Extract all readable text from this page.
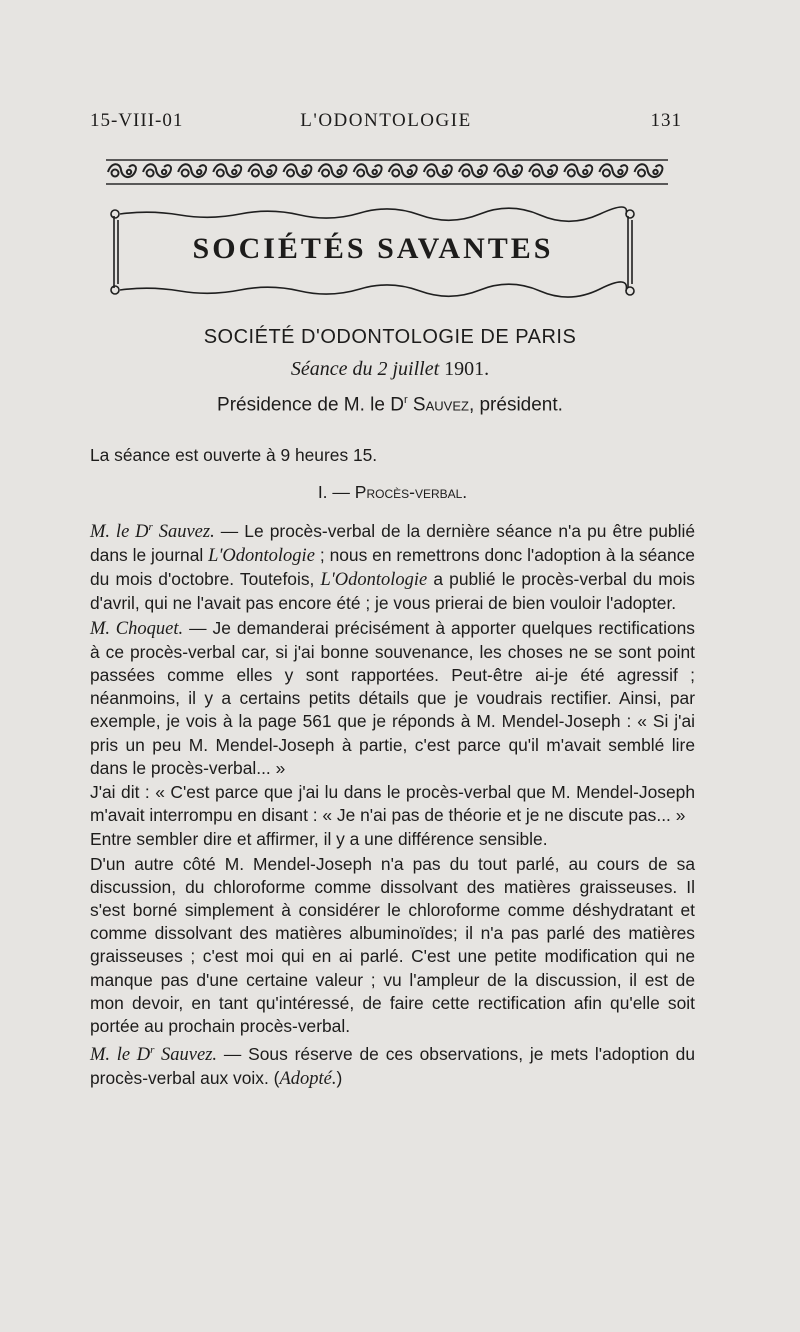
15-VIII-01	L'ODONTOLOGIE	131
SOCIÉTÉS SAVANTES
SOCIÉTÉ D'ODONTOLOGIE DE PARIS
Séance du 2 juillet 1901.
Présidence de M. le $D^r$ Sauvez, président.
La séance est ouverte à 9 heures 15.
I. — Procès-verbal.

M. le $D^r$ Sauvez. — Le procès-verbal de la dernière séance n'a pu être publié dans le journal L'Odontologie ; nous en remettrons donc l'adoption à la séance du mois d'octobre. Toutefois, L'Odontologie a publié le procès-verbal du mois d'avril, qui ne l'avait pas encore été ; je vous prierai de bien vouloir l'adopter.

M. Choquet. — Je demanderai précisément à apporter quelques rectifications à ce procès-verbal car, si j'ai bonne souvenance, les choses ne se sont point passées comme elles y sont rapportées. Peut-être ai-je été agressif ; néanmoins, il y a certains petits détails que je voudrais rectifier. Ainsi, par exemple, je vois à la page 561 que je réponds à M. Mendel-Joseph : « Si j'ai pris un peu M. Mendel-Joseph à partie, c'est parce qu'il m'avait semblé lire dans le procès-verbal... »

J'ai dit : « C'est parce que j'ai lu dans le procès-verbal que M. Mendel-Joseph m'avait interrompu en disant : « Je n'ai pas de théorie et je ne discute pas... »

Entre sembler dire et affirmer, il y a une différence sensible.

D'un autre côté M. Mendel-Joseph n'a pas du tout parlé, au cours de sa discussion, du chloroforme comme dissolvant des matières graisseuses. Il s'est borné simplement à considérer le chloroforme comme déshydratant et comme dissolvant des matières albuminoïdes; il n'a pas parlé des matières graisseuses ; c'est moi qui en ai parlé. C'est une petite modification qui ne manque pas d'une certaine valeur ; vu l'ampleur de la discussion, il est de mon devoir, en tant qu'intéressé, de faire cette rectification afin qu'elle soit portée au prochain procès-verbal.

M. le $D^r$ Sauvez. — Sous réserve de ces observations, je mets l'adoption du procès-verbal aux voix. (Adopté.)
